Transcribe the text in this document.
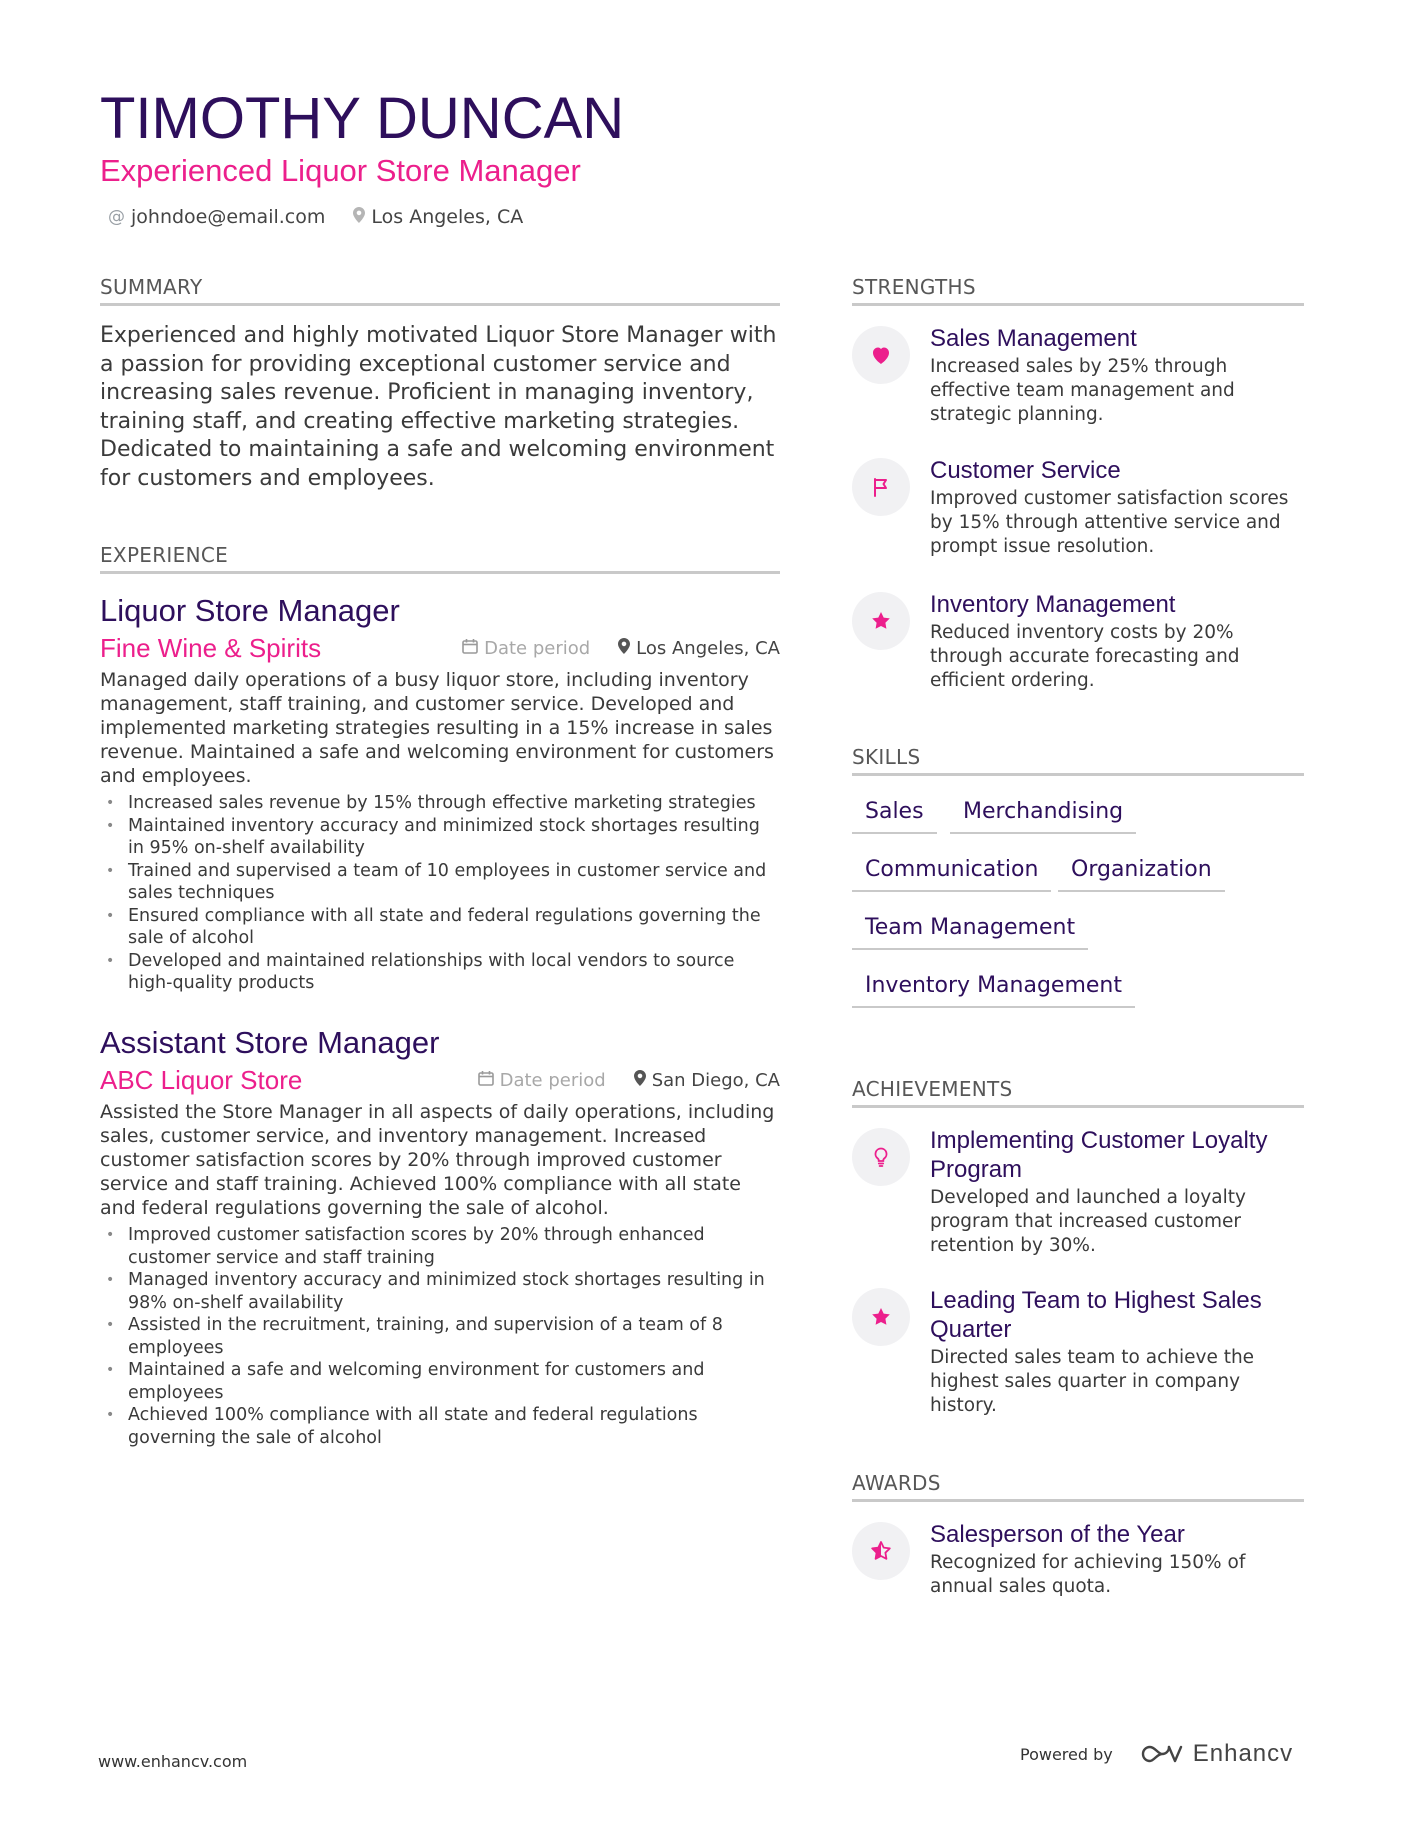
TIMOTHY DUNCAN
Experienced Liquor Store Manager
@ johndoe@email.com Los Angeles, CA
SUMMARY
Experienced and highly motivated Liquor Store Manager with a passion for providing exceptional customer service and increasing sales revenue. Proficient in managing inventory, training staff, and creating effective marketing strategies. Dedicated to maintaining a safe and welcoming environment for customers and employees.
EXPERIENCE
Liquor Store Manager
Fine Wine & Spirits	Date period	Los Angeles, CA
Managed daily operations of a busy liquor store, including inventory management, staff training, and customer service. Developed and implemented marketing strategies resulting in a 15% increase in sales revenue. Maintained a safe and welcoming environment for customers and employees.
• Increased sales revenue by 15% through effective marketing strategies
• Maintained inventory accuracy and minimized stock shortages resulting in 95% on-shelf availability
• Trained and supervised a team of 10 employees in customer service and sales techniques
• Ensured compliance with all state and federal regulations governing the sale of alcohol
• Developed and maintained relationships with local vendors to source high-quality products
Assistant Store Manager
ABC Liquor Store	Date period	San Diego, CA
Assisted the Store Manager in all aspects of daily operations, including sales, customer service, and inventory management. Increased customer satisfaction scores by 20% through improved customer service and staff training. Achieved 100% compliance with all state and federal regulations governing the sale of alcohol.
• Improved customer satisfaction scores by 20% through enhanced customer service and staff training
• Managed inventory accuracy and minimized stock shortages resulting in 98% on-shelf availability
• Assisted in the recruitment, training, and supervision of a team of 8 employees
• Maintained a safe and welcoming environment for customers and employees
• Achieved 100% compliance with all state and federal regulations governing the sale of alcohol
STRENGTHS
Sales Management
Increased sales by 25% through effective team management and strategic planning.
Customer Service
Improved customer satisfaction scores by 15% through attentive service and prompt issue resolution.
Inventory Management
Reduced inventory costs by 20% through accurate forecasting and efficient ordering.
SKILLS
Sales	Merchandising
Communication	Organization
Team Management
Inventory Management
ACHIEVEMENTS
Implementing Customer Loyalty Program
Developed and launched a loyalty program that increased customer retention by 30%.
Leading Team to Highest Sales Quarter
Directed sales team to achieve the highest sales quarter in company history.
AWARDS
Salesperson of the Year
Recognized for achieving 150% of annual sales quota.
www.enhancv.com	Powered by	Enhancv
